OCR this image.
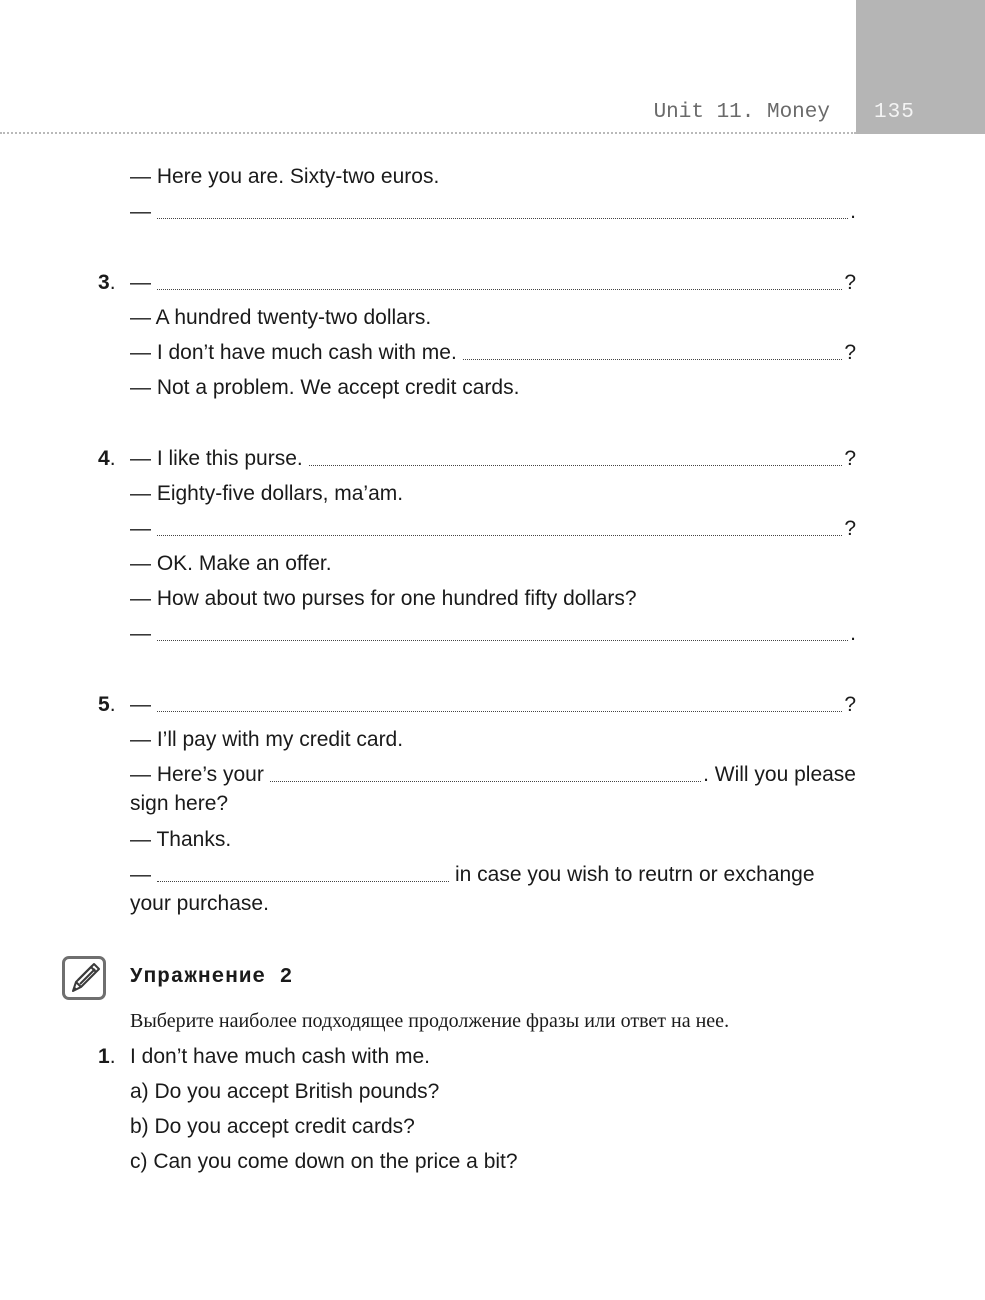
135
Unit 11. Money
— Here you are. Sixty-two euros.
—	.
3. —	?
— A hundred twenty-two dollars.
— I don’t have much cash with me.	?
— Not a problem. We accept credit cards.
4. — I like this purse.	?
— Eighty-five dollars, ma’am.
—	?
— OK. Make an offer.
— How about two purses for one hundred fifty dollars?
—	.
5. —	?
— I’ll pay with my credit card.
— Here’s your	. Will you please
sign here?
— Thanks.
—	in case you wish to reutrn or exchange
your purchase.
Упражнение 2
Выберите наиболее подходящее продолжение фразы или ответ на нее.
1. I don’t have much cash with me.
a) Do you accept British pounds?
b) Do you accept credit cards?
c) Can you come down on the price a bit?
